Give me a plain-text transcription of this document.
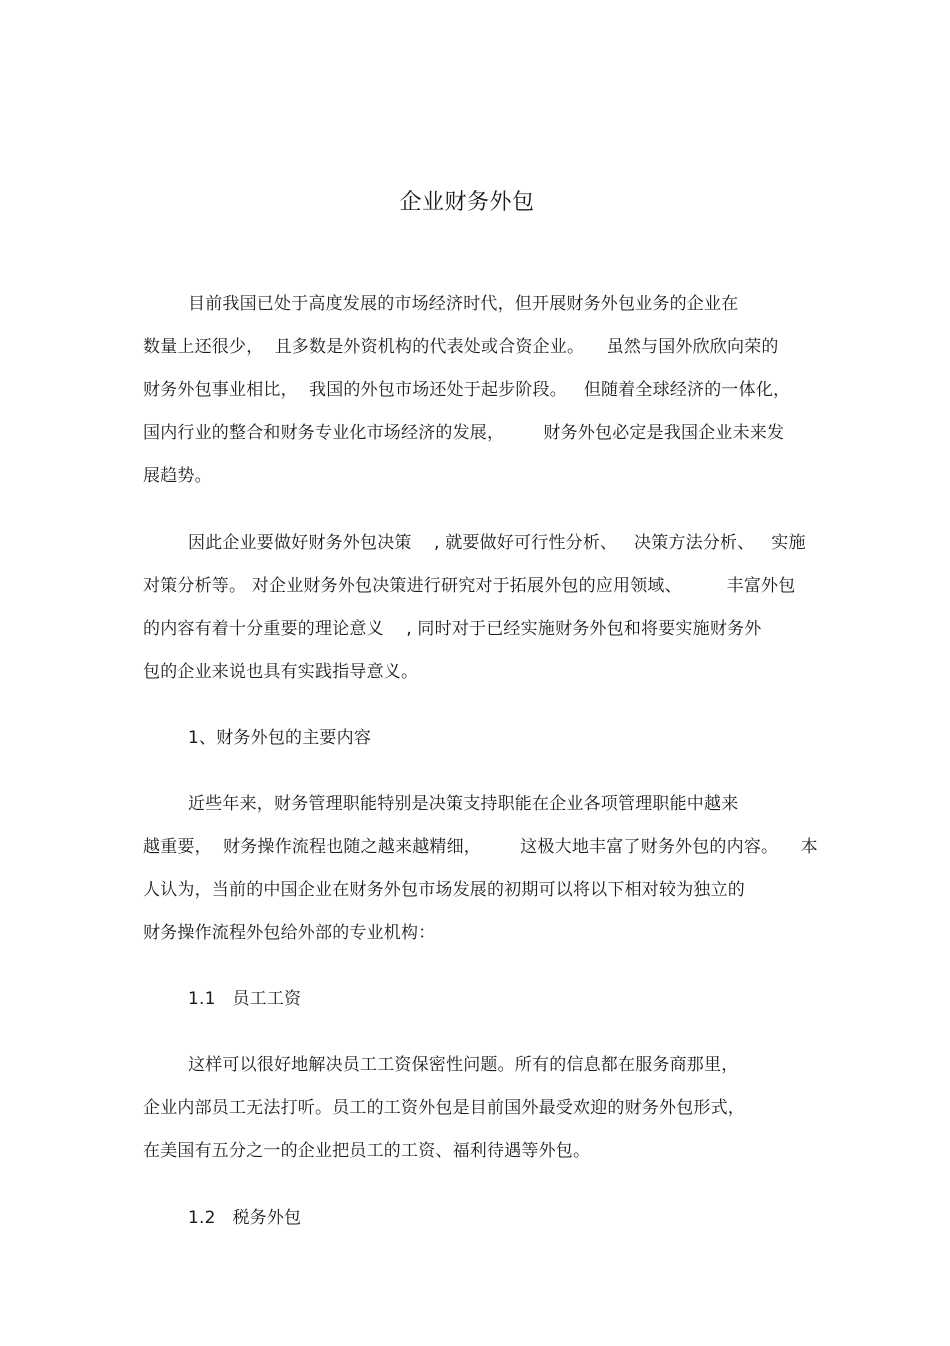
企业财务外包
目前我国已处于高度发展的市场经济时代，但开展财务外包业务的企业在
数量上还很少，  且多数是外资机构的代表处或合资企业。    虽然与国外欣欣向荣的
财务外包事业相比，  我国的外包市场还处于起步阶段。   但随着全球经济的一体化，
国内行业的整合和财务专业化市场经济的发展，       财务外包必定是我国企业未来发
展趋势。
因此企业要做好财务外包决策    , 就要做好可行性分析、   决策方法分析、   实施
对策分析等。 对企业财务外包决策进行研究对于拓展外包的应用领域、        丰富外包
的内容有着十分重要的理论意义    , 同时对于已经实施财务外包和将要实施财务外
包的企业来说也具有实践指导意义。
1、财务外包的主要内容
近些年来，财务管理职能特别是决策支持职能在企业各项管理职能中越来
越重要，  财务操作流程也随之越来越精细，       这极大地丰富了财务外包的内容。    本
人认为，当前的中国企业在财务外包市场发展的初期可以将以下相对较为独立的
财务操作流程外包给外部的专业机构：
1.1   员工工资
这样可以很好地解决员工工资保密性问题。所有的信息都在服务商那里，
企业内部员工无法打听。员工的工资外包是目前国外最受欢迎的财务外包形式，
在美国有五分之一的企业把员工的工资、福利待遇等外包。
1.2   税务外包
